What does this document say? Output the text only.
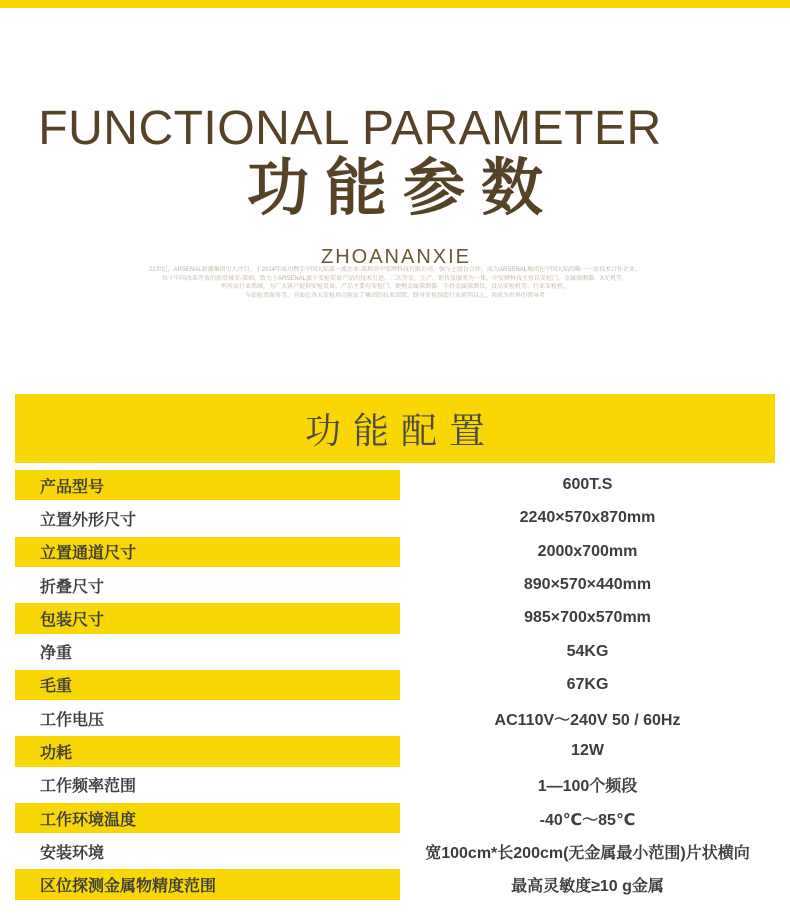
FUNCTIONAL PARAMETER
功能参数
ZHOANANXIE
21世纪，ARSENAL新潮集团引人注目，于2014年成功携手中国大陆第一流企业-深圳市中安额科技有限公司，强与上股份合作，成为ARSENAL集团在中国大陆的唯一一家技术合作企业，
位于中国改革开放的前沿城市-深圳，致力于ARSENAL旗下安检装备产品的技术引进、二次开发、生产、销售及服务为一体，中安额科技主营以安检门、金属探测器、X光机等，
恒河众行业领域，为广大客户提供安检设备，产品主要有安检门、便携金属探测器、手持金属探测仪、食品安检机等、行业安检机，
车站检票服务等，全面在各大安检场合验证了集团的技术回馈，跻身安检制造行业前列以上，共成为世界的领导者
功能配置
产品型号	600T.S
立置外形尺寸	2240×570x870mm
立置通道尺寸	2000x700mm
折叠尺寸	890×570×440mm
包装尺寸	985×700x570mm
净重	54KG
毛重	67KG
工作电压	AC110V～240V 50 / 60Hz
功耗	12W
工作频率范围	1—100个频段
工作环境温度	-40℃～85℃
安装环境	宽100cm*长200cm(无金属最小范围)片状横向
区位探测金属物精度范围	最高灵敏度≥10 g金属
